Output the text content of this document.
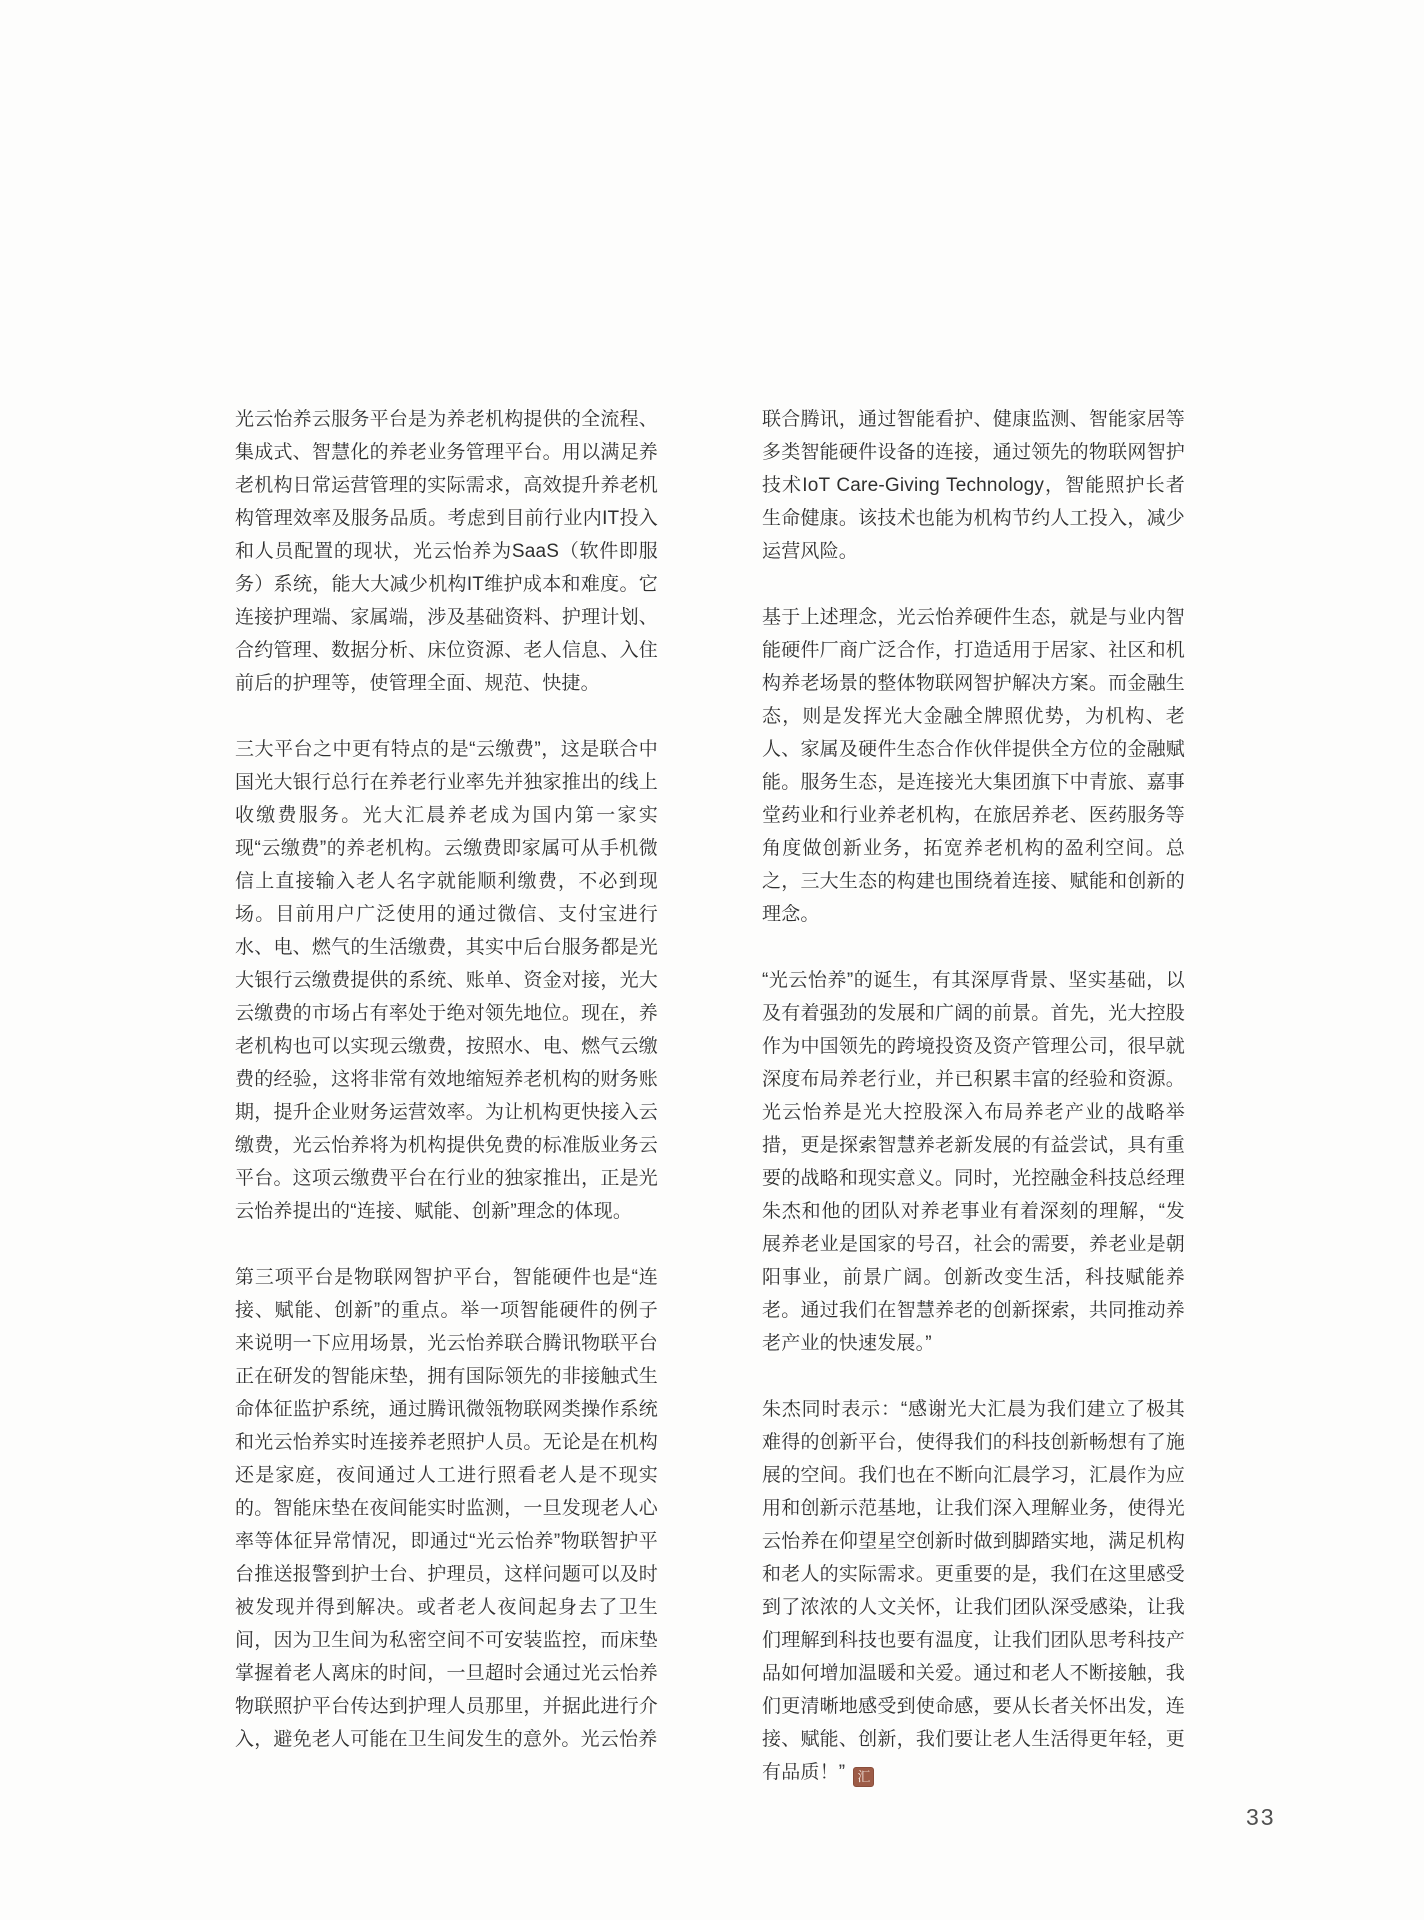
光云怡养云服务平台是为养老机构提供的全流程、集成式、智慧化的养老业务管理平台。用以满足养老机构日常运营管理的实际需求，高效提升养老机构管理效率及服务品质。考虑到目前行业内IT投入和人员配置的现状，光云怡养为SaaS（软件即服务）系统，能大大减少机构IT维护成本和难度。它连接护理端、家属端，涉及基础资料、护理计划、合约管理、数据分析、床位资源、老人信息、入住前后的护理等，使管理全面、规范、快捷。

三大平台之中更有特点的是“云缴费”，这是联合中国光大银行总行在养老行业率先并独家推出的线上收缴费服务。光大汇晨养老成为国内第一家实现“云缴费”的养老机构。云缴费即家属可从手机微信上直接输入老人名字就能顺利缴费，不必到现场。目前用户广泛使用的通过微信、支付宝进行水、电、燃气的生活缴费，其实中后台服务都是光大银行云缴费提供的系统、账单、资金对接，光大云缴费的市场占有率处于绝对领先地位。现在，养老机构也可以实现云缴费，按照水、电、燃气云缴费的经验，这将非常有效地缩短养老机构的财务账期，提升企业财务运营效率。为让机构更快接入云缴费，光云怡养将为机构提供免费的标准版业务云平台。这项云缴费平台在行业的独家推出，正是光云怡养提出的“连接、赋能、创新”理念的体现。

第三项平台是物联网智护平台，智能硬件也是“连接、赋能、创新”的重点。举一项智能硬件的例子来说明一下应用场景，光云怡养联合腾讯物联平台正在研发的智能床垫，拥有国际领先的非接触式生命体征监护系统，通过腾讯微瓴物联网类操作系统和光云怡养实时连接养老照护人员。无论是在机构还是家庭，夜间通过人工进行照看老人是不现实的。智能床垫在夜间能实时监测，一旦发现老人心率等体征异常情况，即通过“光云怡养”物联智护平台推送报警到护士台、护理员，这样问题可以及时被发现并得到解决。或者老人夜间起身去了卫生间，因为卫生间为私密空间不可安装监控，而床垫掌握着老人离床的时间，一旦超时会通过光云怡养物联照护平台传达到护理人员那里，并据此进行介入，避免老人可能在卫生间发生的意外。光云怡养

联合腾讯，通过智能看护、健康监测、智能家居等多类智能硬件设备的连接，通过领先的物联网智护技术IoT Care-Giving Technology，智能照护长者生命健康。该技术也能为机构节约人工投入，减少运营风险。

基于上述理念，光云怡养硬件生态，就是与业内智能硬件厂商广泛合作，打造适用于居家、社区和机构养老场景的整体物联网智护解决方案。而金融生态，则是发挥光大金融全牌照优势，为机构、老人、家属及硬件生态合作伙伴提供全方位的金融赋能。服务生态，是连接光大集团旗下中青旅、嘉事堂药业和行业养老机构，在旅居养老、医药服务等角度做创新业务，拓宽养老机构的盈利空间。总之，三大生态的构建也围绕着连接、赋能和创新的理念。

“光云怡养”的诞生，有其深厚背景、坚实基础，以及有着强劲的发展和广阔的前景。首先，光大控股作为中国领先的跨境投资及资产管理公司，很早就深度布局养老行业，并已积累丰富的经验和资源。光云怡养是光大控股深入布局养老产业的战略举措，更是探索智慧养老新发展的有益尝试，具有重要的战略和现实意义。同时，光控融金科技总经理朱杰和他的团队对养老事业有着深刻的理解，“发展养老业是国家的号召，社会的需要，养老业是朝阳事业，前景广阔。创新改变生活，科技赋能养老。通过我们在智慧养老的创新探索，共同推动养老产业的快速发展。”

朱杰同时表示：“感谢光大汇晨为我们建立了极其难得的创新平台，使得我们的科技创新畅想有了施展的空间。我们也在不断向汇晨学习，汇晨作为应用和创新示范基地，让我们深入理解业务，使得光云怡养在仰望星空创新时做到脚踏实地，满足机构和老人的实际需求。更重要的是，我们在这里感受到了浓浓的人文关怀，让我们团队深受感染，让我们理解到科技也要有温度，让我们团队思考科技产品如何增加温暖和关爱。通过和老人不断接触，我们更清晰地感受到使命感，要从长者关怀出发，连接、赋能、创新，我们要让老人生活得更年轻，更有品质！” 汇

33
